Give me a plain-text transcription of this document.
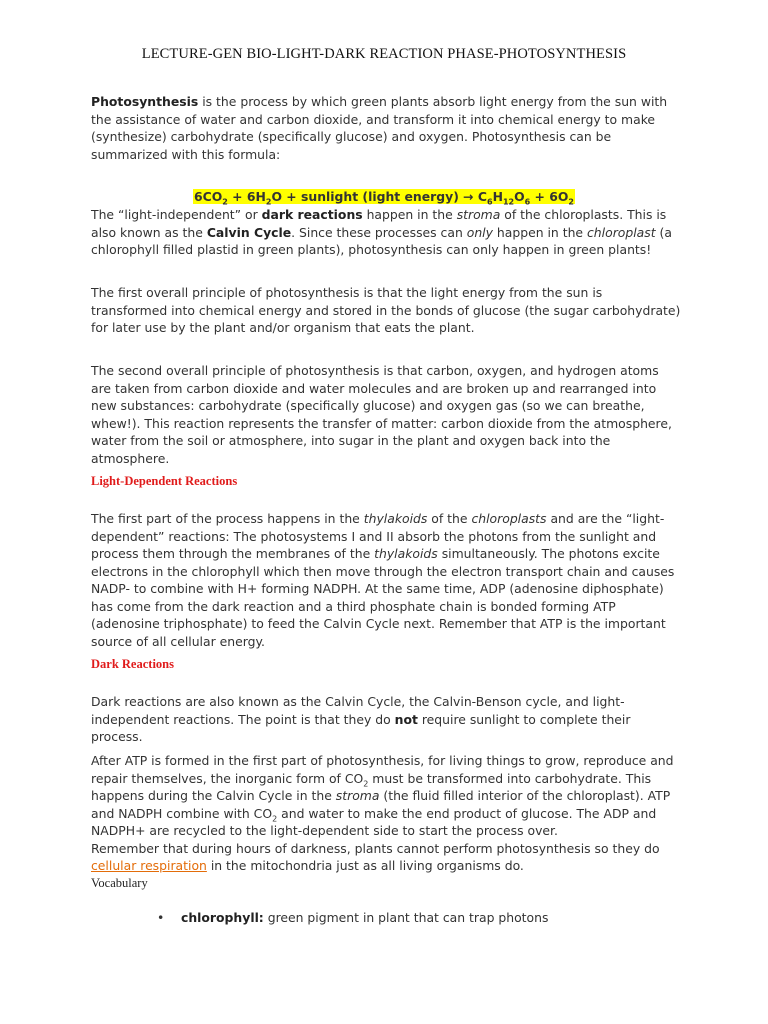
LECTURE-GEN BIO-LIGHT-DARK REACTION PHASE-PHOTOSYNTHESIS
Photosynthesis is the process by which green plants absorb light energy from the sun with the assistance of water and carbon dioxide, and transform it into chemical energy to make (synthesize) carbohydrate (specifically glucose) and oxygen. Photosynthesis can be summarized with this formula:
$6CO_2 + 6H_2O$ + sunlight (light energy) → $C_6H_{12}O_6 + 6O_2$
The “light-independent” or dark reactions happen in the stroma of the chloroplasts. This is also known as the Calvin Cycle. Since these processes can only happen in the chloroplast (a chlorophyll filled plastid in green plants), photosynthesis can only happen in green plants!
The first overall principle of photosynthesis is that the light energy from the sun is transformed into chemical energy and stored in the bonds of glucose (the sugar carbohydrate) for later use by the plant and/or organism that eats the plant.
The second overall principle of photosynthesis is that carbon, oxygen, and hydrogen atoms are taken from carbon dioxide and water molecules and are broken up and rearranged into new substances: carbohydrate (specifically glucose) and oxygen gas (so we can breathe, whew!). This reaction represents the transfer of matter: carbon dioxide from the atmosphere, water from the soil or atmosphere, into sugar in the plant and oxygen back into the atmosphere.
Light-Dependent Reactions
The first part of the process happens in the thylakoids of the chloroplasts and are the “light-dependent” reactions: The photosystems I and II absorb the photons from the sunlight and process them through the membranes of the thylakoids simultaneously. The photons excite electrons in the chlorophyll which then move through the electron transport chain and causes NADP- to combine with H+ forming NADPH. At the same time, ADP (adenosine diphosphate) has come from the dark reaction and a third phosphate chain is bonded forming ATP (adenosine triphosphate) to feed the Calvin Cycle next. Remember that ATP is the important source of all cellular energy.
Dark Reactions
Dark reactions are also known as the Calvin Cycle, the Calvin-Benson cycle, and light-independent reactions. The point is that they do not require sunlight to complete their process.
After ATP is formed in the first part of photosynthesis, for living things to grow, reproduce and repair themselves, the inorganic form of $CO_2$ must be transformed into carbohydrate. This happens during the Calvin Cycle in the stroma (the fluid filled interior of the chloroplast). ATP and NADPH combine with $CO_2$ and water to make the end product of glucose. The ADP and NADPH+ are recycled to the light-dependent side to start the process over.
Remember that during hours of darkness, plants cannot perform photosynthesis so they do cellular respiration in the mitochondria just as all living organisms do.
Vocabulary
• chlorophyll: green pigment in plant that can trap photons
